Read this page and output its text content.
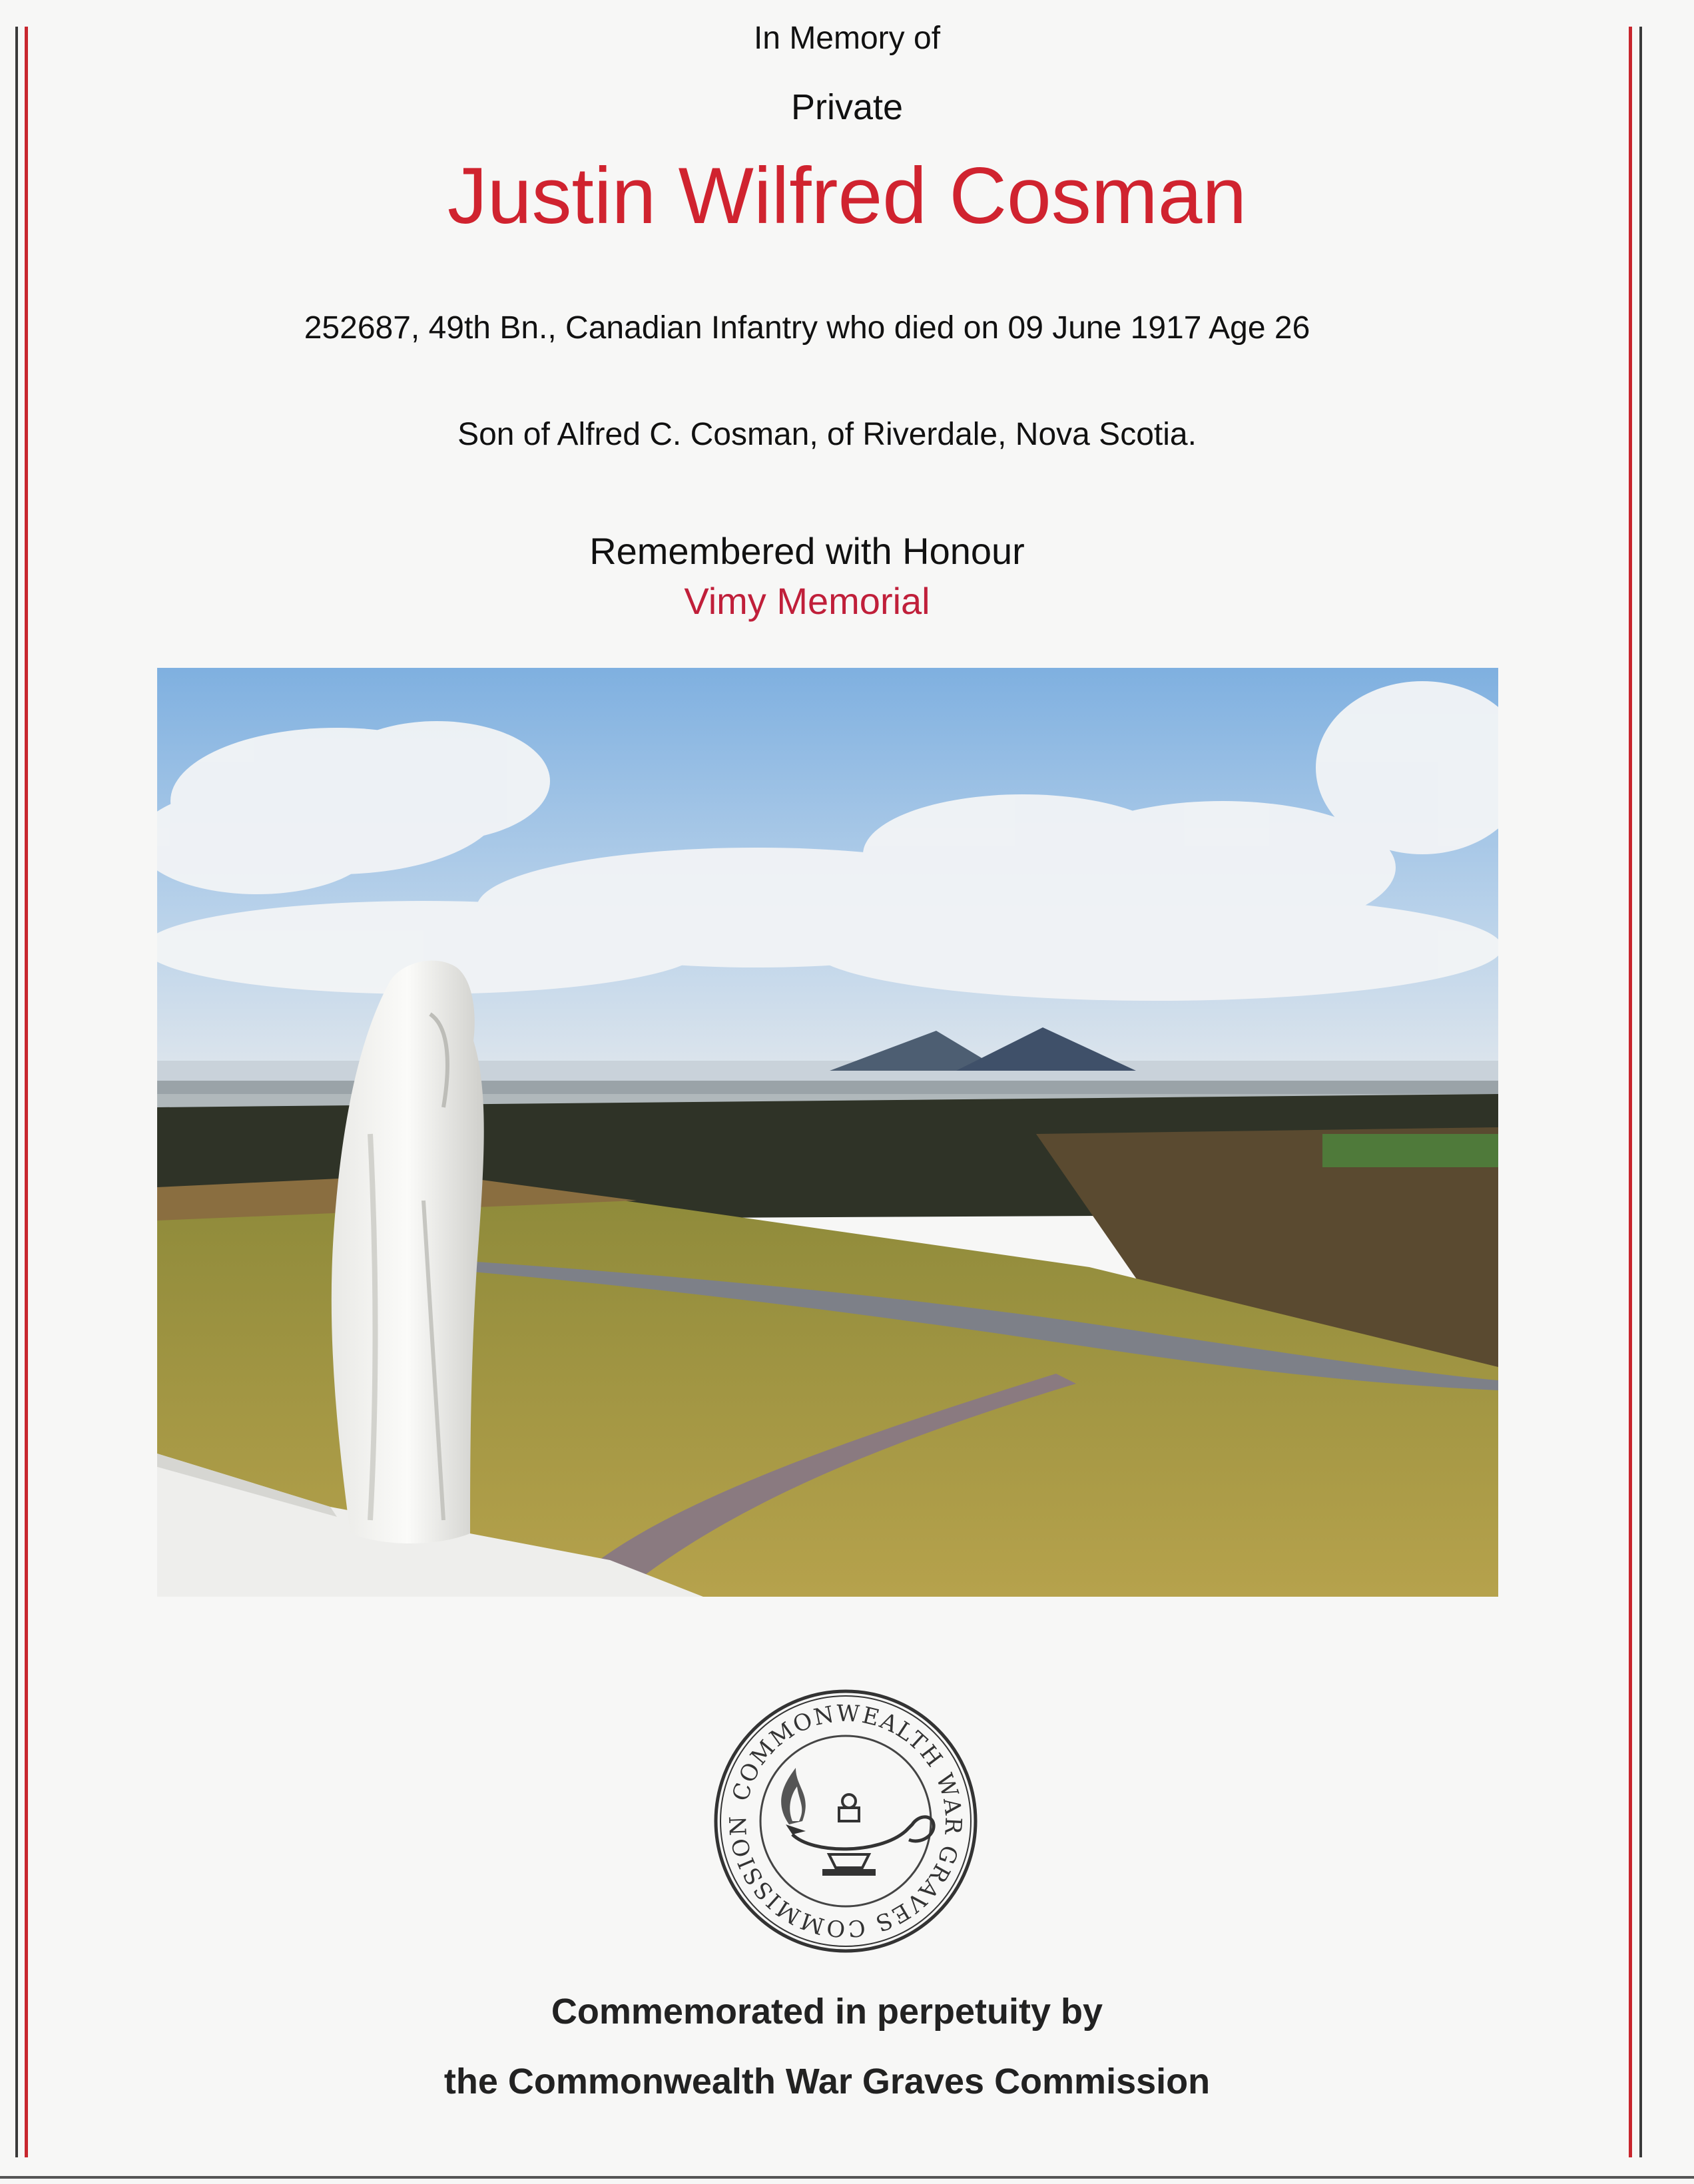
In Memory of
Private
Justin Wilfred Cosman
252687, 49th Bn., Canadian Infantry who died on 09 June 1917 Age 26
Son of Alfred C. Cosman, of Riverdale, Nova Scotia.
Remembered with Honour
Vimy Memorial
COMMONWEALTH WAR GRAVES COMMISSION
Commemorated in perpetuity by
the Commonwealth War Graves Commission
